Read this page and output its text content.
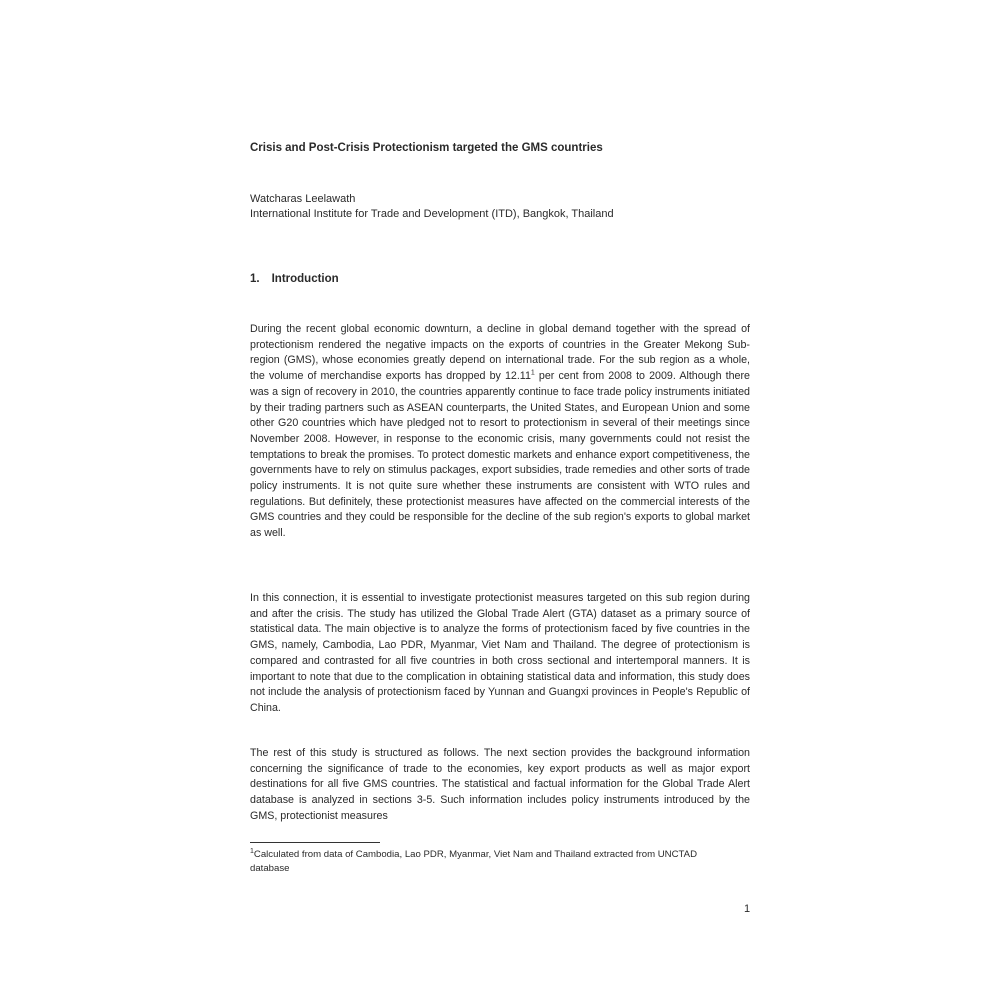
Crisis and Post-Crisis Protectionism targeted the GMS countries
Watcharas Leelawath
International Institute for Trade and Development (ITD), Bangkok, Thailand
1. Introduction

During the recent global economic downturn, a decline in global demand together with the spread of protectionism rendered the negative impacts on the exports of countries in the Greater Mekong Sub-region (GMS), whose economies greatly depend on international trade. For the sub region as a whole, the volume of merchandise exports has dropped by 12.11$^1$ per cent from 2008 to 2009. Although there was a sign of recovery in 2010, the countries apparently continue to face trade policy instruments initiated by their trading partners such as ASEAN counterparts, the United States, and European Union and some other G20 countries which have pledged not to resort to protectionism in several of their meetings since November 2008. However, in response to the economic crisis, many governments could not resist the temptations to break the promises. To protect domestic markets and enhance export competitiveness, the governments have to rely on stimulus packages, export subsidies, trade remedies and other sorts of trade policy instruments. It is not quite sure whether these instruments are consistent with WTO rules and regulations. But definitely, these protectionist measures have affected on the commercial interests of the GMS countries and they could be responsible for the decline of the sub region's exports to global market as well.

In this connection, it is essential to investigate protectionist measures targeted on this sub region during and after the crisis. The study has utilized the Global Trade Alert (GTA) dataset as a primary source of statistical data. The main objective is to analyze the forms of protectionism faced by five countries in the GMS, namely, Cambodia, Lao PDR, Myanmar, Viet Nam and Thailand. The degree of protectionism is compared and contrasted for all five countries in both cross sectional and intertemporal manners. It is important to note that due to the complication in obtaining statistical data and information, this study does not include the analysis of protectionism faced by Yunnan and Guangxi provinces in People's Republic of China.

The rest of this study is structured as follows. The next section provides the background information concerning the significance of trade to the economies, key export products as well as major export destinations for all five GMS countries. The statistical and factual information for the Global Trade Alert database is analyzed in sections 3-5. Such information includes policy instruments introduced by the GMS, protectionist measures

$^1$Calculated from data of Cambodia, Lao PDR, Myanmar, Viet Nam and Thailand extracted from UNCTAD database

1
